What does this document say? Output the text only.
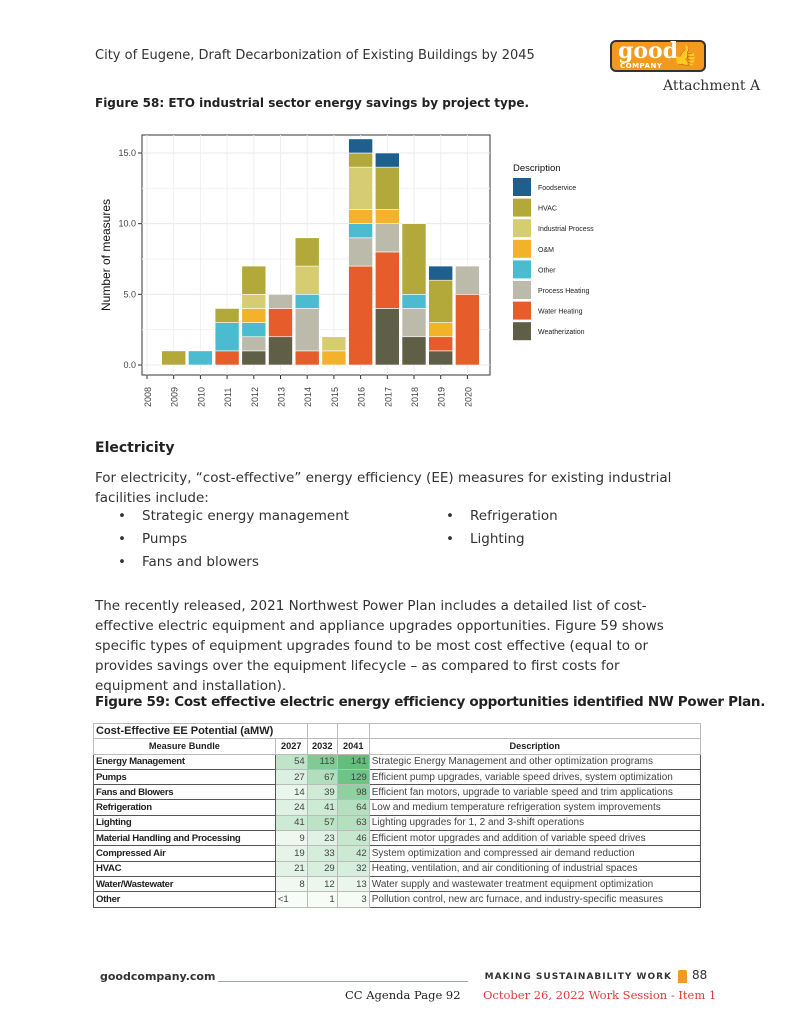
City of Eugene, Draft Decarbonization of Existing Buildings by 2045	good
COMPANY 👍
Attachment A
Figure 58: ETO industrial sector energy savings by project type.
2008 2009 2010 2011 2012 2013 2014 2015 2016 2017 2018 2019 2020
0.0
5.0
10.0
15.0
Number of measures
Description
Foodservice
HVAC
Industrial Process
O&M
Other
Process Heating
Water Heating
Weatherization
Electricity
For electricity, “cost-effective” energy efficiency (EE) measures for existing industrial facilities include:
• Strategic energy management
• Pumps
• Fans and blowers
• Refrigeration
• Lighting
The recently released, 2021 Northwest Power Plan includes a detailed list of cost-effective electric equipment and appliance upgrades opportunities. Figure 59 shows specific types of equipment upgrades found to be most cost effective (equal to or provides savings over the equipment lifecycle – as compared to first costs for equipment and installation).
Figure 59: Cost effective electric energy efficiency opportunities identified NW Power Plan.
Cost-Effective EE Potential (aMW)				
Measure Bundle	2027	2032	2041	Description
Energy Management	54	113	141	Strategic Energy Management and other optimization programs
Pumps	27	67	129	Efficient pump upgrades, variable speed drives, system optimization
Fans and Blowers	14	39	98	Efficient fan motors, upgrade to variable speed and trim applications
Refrigeration	24	41	64	Low and medium temperature refrigeration system improvements
Lighting	41	57	63	Lighting upgrades for 1, 2 and 3-shift operations
Material Handling and Processing	9	23	46	Efficient motor upgrades and addition of variable speed drives
Compressed Air	19	33	42	System optimization and compressed air demand reduction
HVAC	21	29	32	Heating, ventilation, and air conditioning of industrial spaces
Water/Wastewater	8	12	13	Water supply and wastewater treatment equipment optimization
Other	<1	1	3	Pollution control, new arc furnace, and industry-specific measures
goodcompany.com	MAKING SUSTAINABILITY WORK 88
CC Agenda Page 92 October 26, 2022 Work Session - Item 1
